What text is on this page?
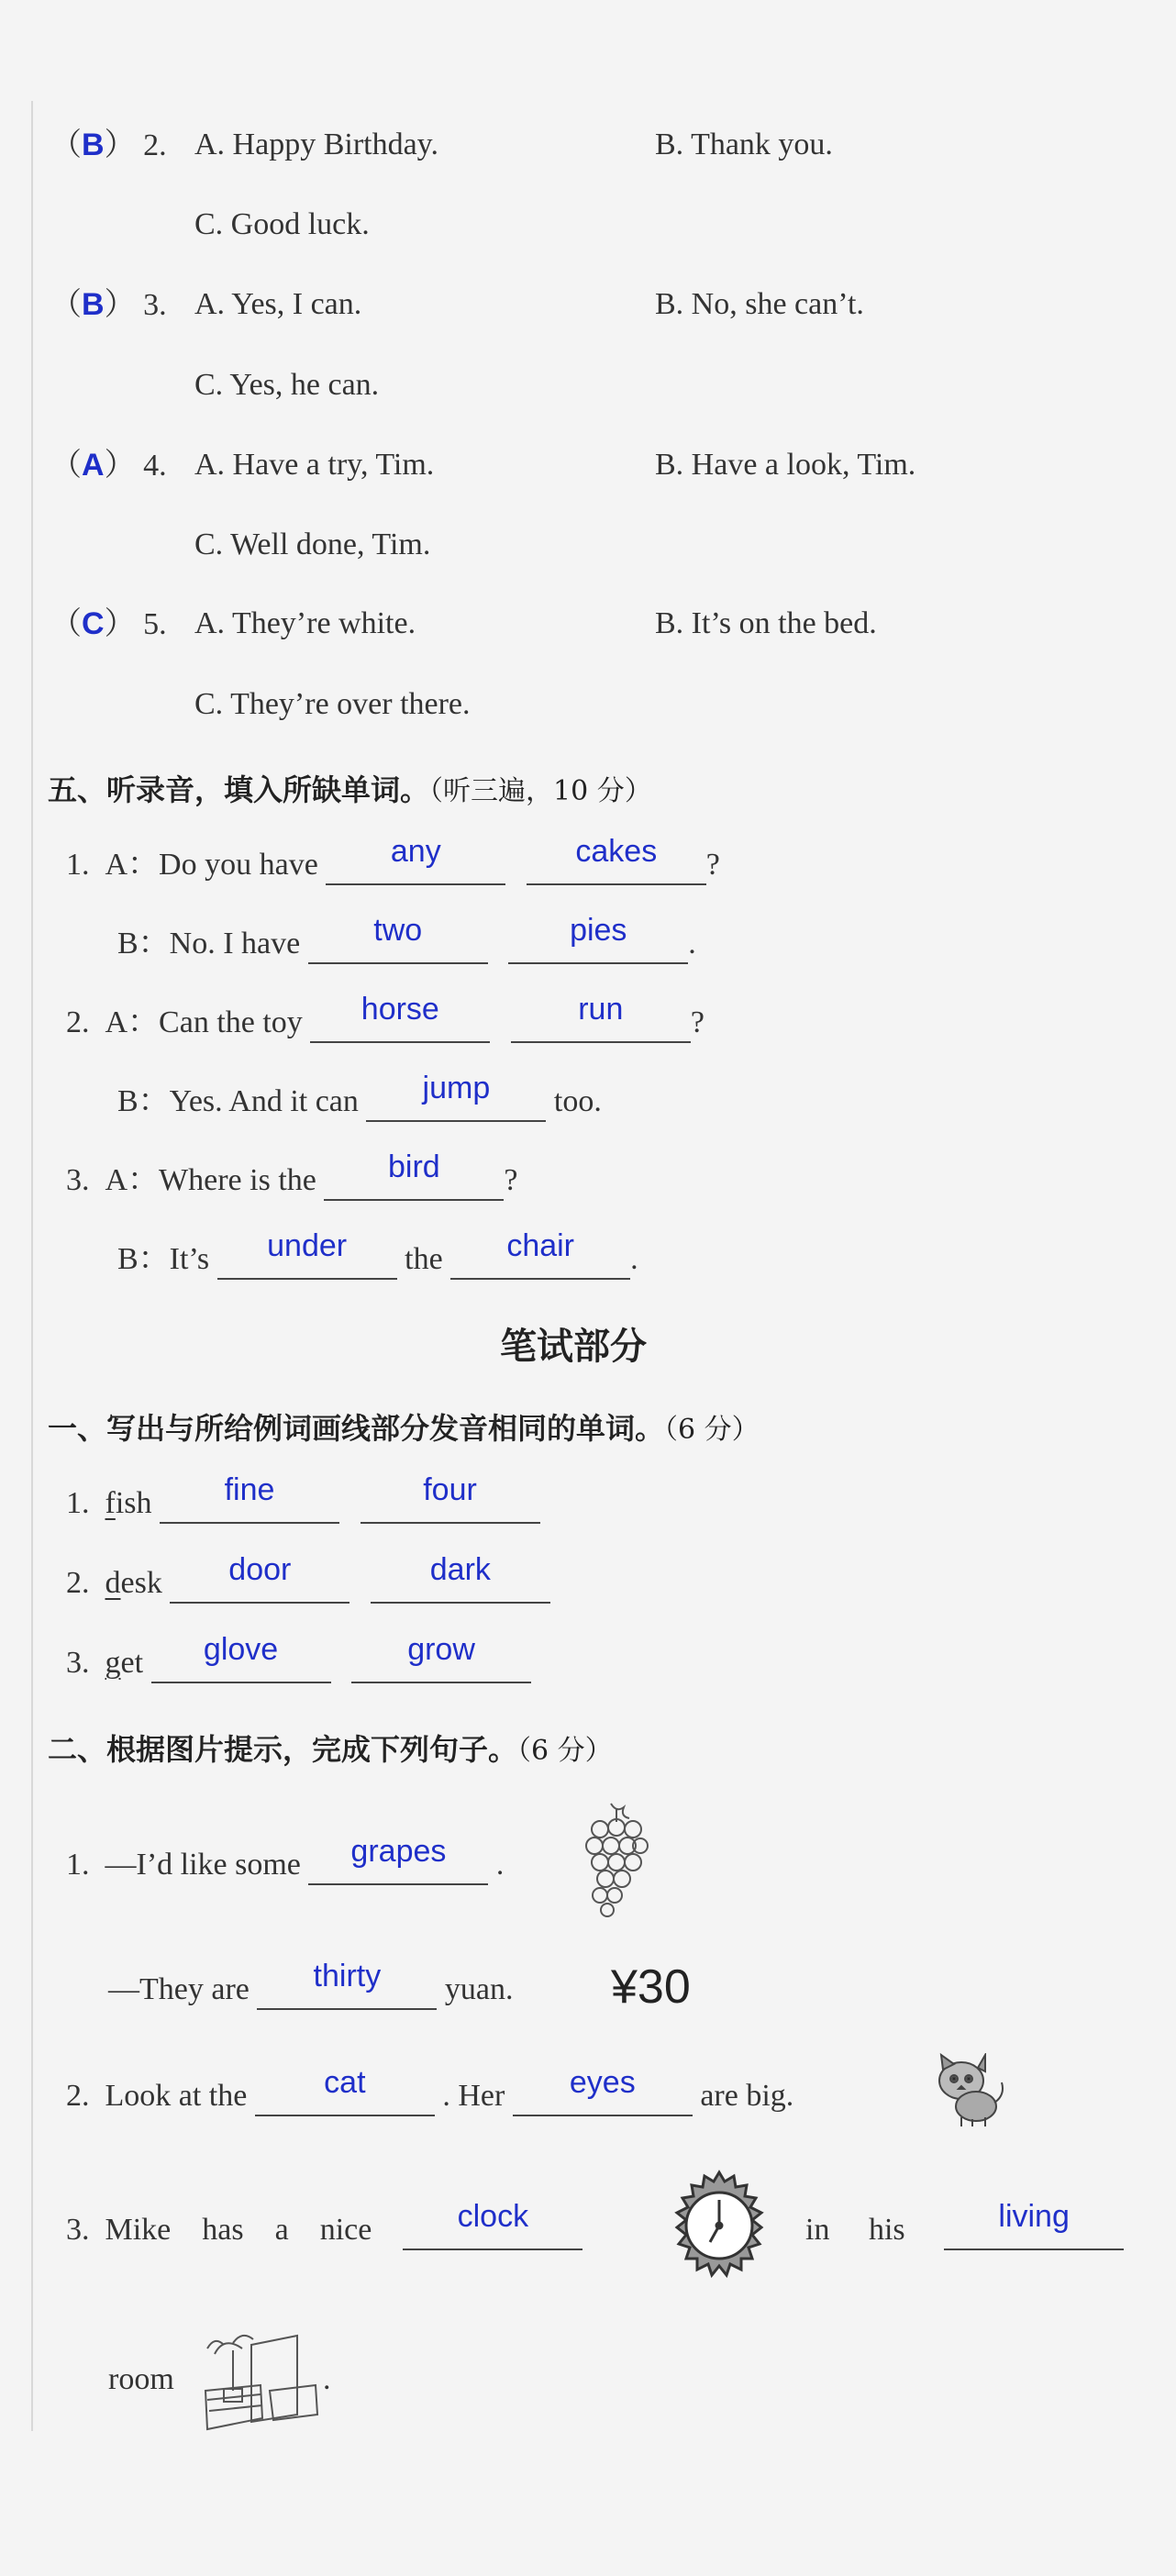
（B） 2. A. Happy Birthday.	B. Thank you.
C. Good luck.
（B） 3. A. Yes, I can.	B. No, she can’t.
C. Yes, he can.
（A） 4. A. Have a try, Tim.	B. Have a look, Tim.
C. Well done, Tim.
（C） 5. A. They’re white.	B. It’s on the bed.
C. They’re over there.
五、听录音，填入所缺单词。（听三遍，10 分）
1. A：Do you have any	cakes ?
B：No. I have two	pies .
2. A：Can the toy horse	run ?
B：Yes. And it can jump too.
3. A：Where is the bird ?
B：It’s under the chair .
笔试部分
一、写出与所给例词画线部分发音相同的单词。（6 分）
1. fish fine	four
2. desk door	dark
3. get glove	grow
二、根据图片提示，完成下列句子。（6 分）
1. —I’d like some grapes .
—They are thirty yuan. ¥30
2. Look at the cat . Her eyes are big.
3. Mike has a nice	clock	in his	living
room	.
